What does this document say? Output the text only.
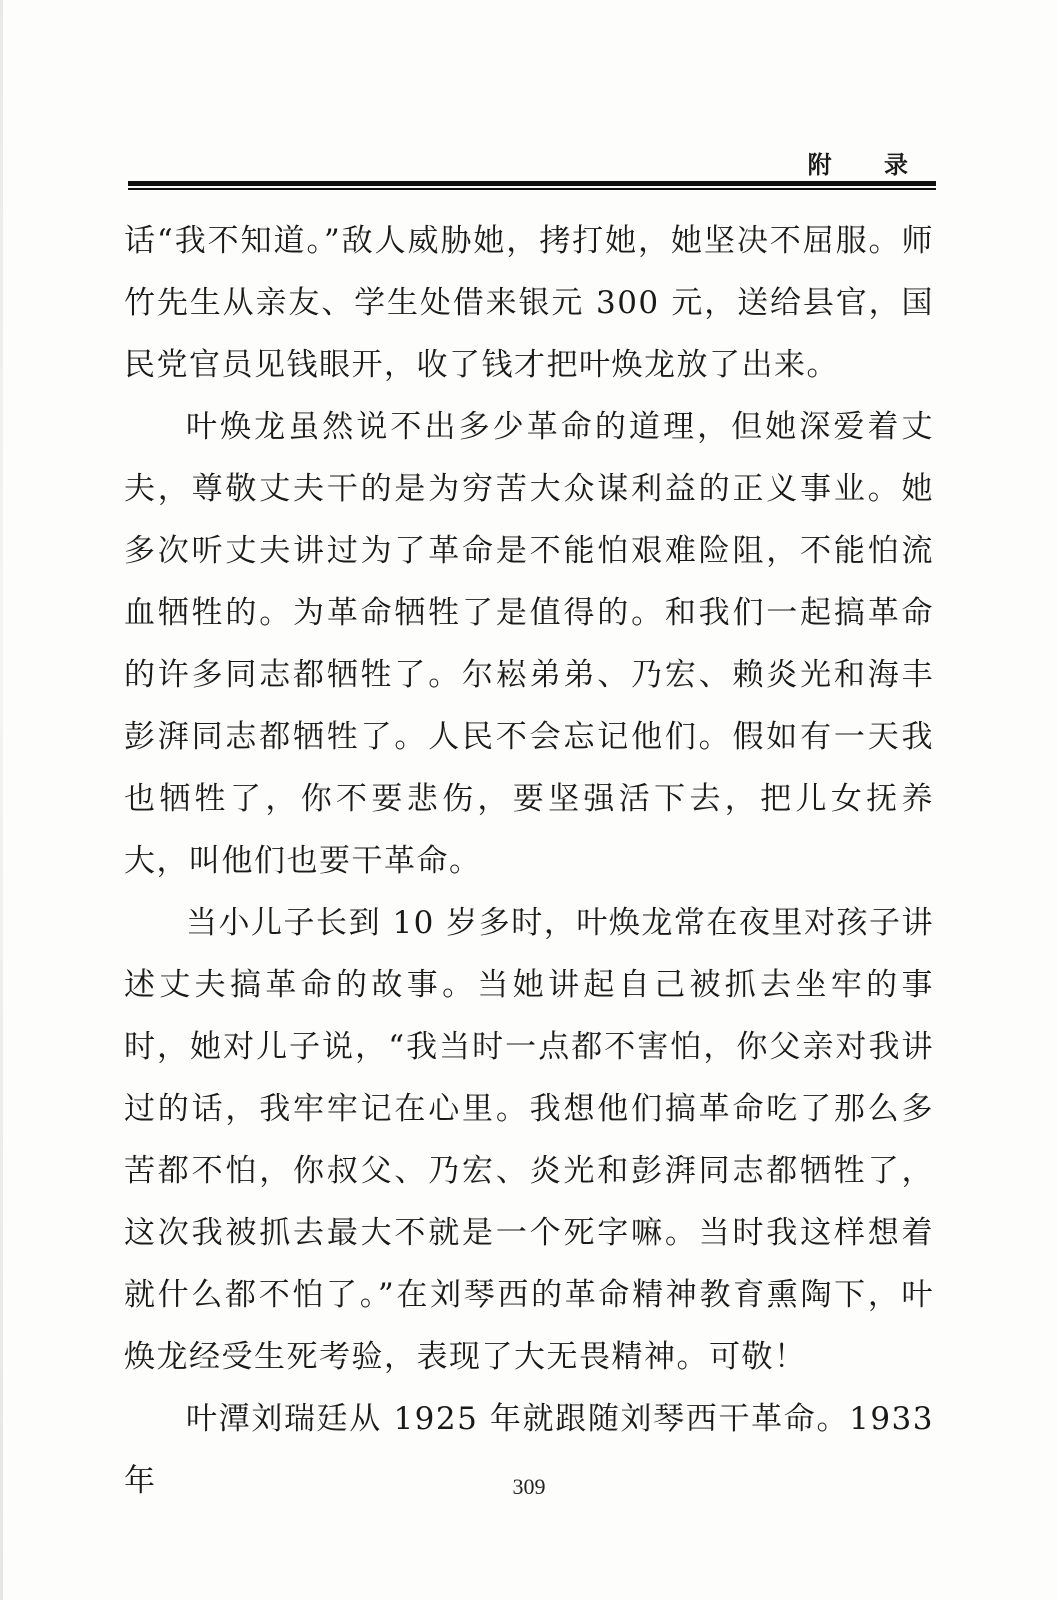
附 录

话“我不知道。”敌人威胁她，拷打她，她坚决不屈服。师竹先生从亲友、学生处借来银元 300 元，送给县官，国民党官员见钱眼开，收了钱才把叶焕龙放了出来。

叶焕龙虽然说不出多少革命的道理，但她深爱着丈夫，尊敬丈夫干的是为穷苦大众谋利益的正义事业。她多次听丈夫讲过为了革命是不能怕艰难险阻，不能怕流血牺牲的。为革命牺牲了是值得的。和我们一起搞革命的许多同志都牺牲了。尔崧弟弟、乃宏、赖炎光和海丰彭湃同志都牺牲了。人民不会忘记他们。假如有一天我也牺牲了，你不要悲伤，要坚强活下去，把儿女抚养大，叫他们也要干革命。

当小儿子长到 10 岁多时，叶焕龙常在夜里对孩子讲述丈夫搞革命的故事。当她讲起自己被抓去坐牢的事时，她对儿子说，“我当时一点都不害怕，你父亲对我讲过的话，我牢牢记在心里。我想他们搞革命吃了那么多苦都不怕，你叔父、乃宏、炎光和彭湃同志都牺牲了，这次我被抓去最大不就是一个死字嘛。当时我这样想着就什么都不怕了。”在刘琴西的革命精神教育熏陶下，叶焕龙经受生死考验，表现了大无畏精神。可敬！

叶潭刘瑞廷从 1925 年就跟随刘琴西干革命。1933 年	309
